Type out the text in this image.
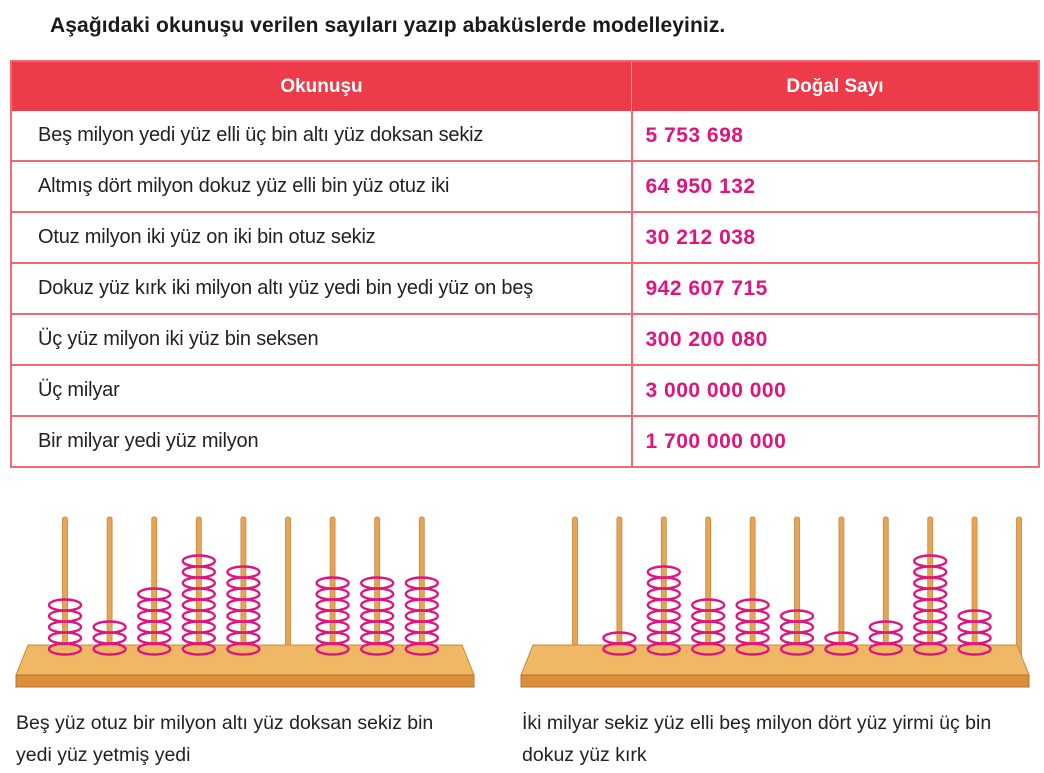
Aşağıdaki okunuşu verilen sayıları yazıp abaküslerde modelleyiniz.
Okunuşu	Doğal Sayı
Beş milyon yedi yüz elli üç bin altı yüz doksan sekiz	5 753 698
Altmış dört milyon dokuz yüz elli bin yüz otuz iki	64 950 132
Otuz milyon iki yüz on iki bin otuz sekiz	30 212 038
Dokuz yüz kırk iki milyon altı yüz yedi bin yedi yüz on beş	942 607 715
Üç yüz milyon iki yüz bin seksen	300 200 080
Üç milyar	3 000 000 000
Bir milyar yedi yüz milyon	1 700 000 000
Beş yüz otuz bir milyon altı yüz doksan sekiz bin
yedi yüz yetmiş yedi
İki milyar sekiz yüz elli beş milyon dört yüz yirmi üç bin
dokuz yüz kırk
